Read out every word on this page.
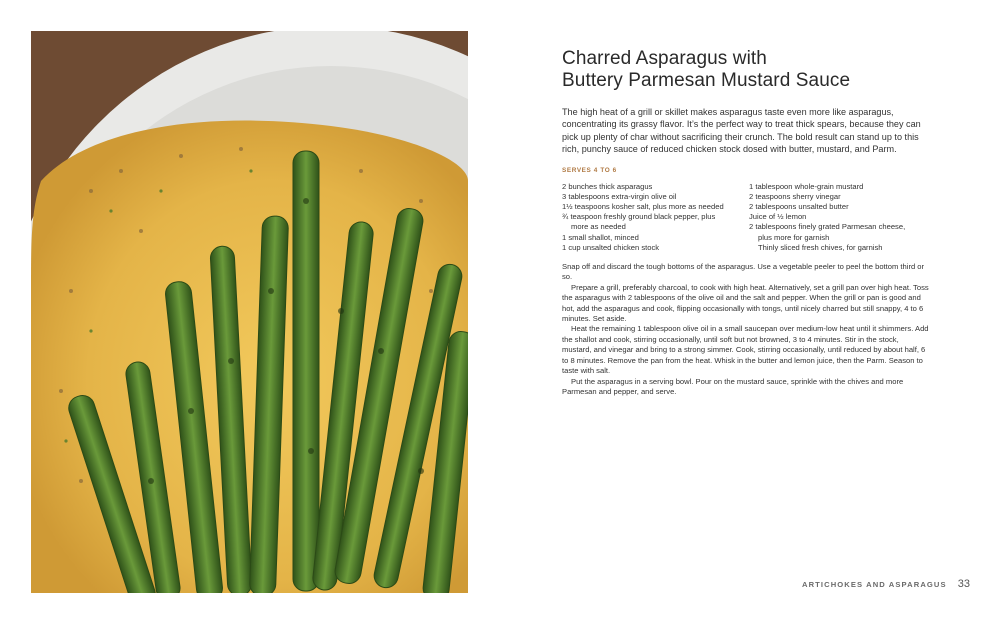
Charred Asparagus with
Buttery Parmesan Mustard Sauce

The high heat of a grill or skillet makes asparagus taste even more like asparagus, concentrating its grassy flavor. It’s the perfect way to treat thick spears, because they can pick up plenty of char without sacrificing their crunch. The bold result can stand up to this rich, punchy sauce of reduced chicken stock dosed with butter, mustard, and Parm.

SERVES 4 TO 6
2 bunches thick asparagus
3 tablespoons extra-virgin olive oil
1½ teaspoons kosher salt, plus more as needed
¾ teaspoon freshly ground black pepper, plus
more as needed
1 small shallot, minced
1 cup unsalted chicken stock
1 tablespoon whole-grain mustard
2 teaspoons sherry vinegar
2 tablespoons unsalted butter
Juice of ½ lemon
2 tablespoons finely grated Parmesan cheese,
plus more for garnish
Thinly sliced fresh chives, for garnish

Snap off and discard the tough bottoms of the asparagus. Use a vegetable peeler to peel the bottom third or so.

Prepare a grill, preferably charcoal, to cook with high heat. Alternatively, set a grill pan over high heat. Toss the asparagus with 2 tablespoons of the olive oil and the salt and pepper. When the grill or pan is good and hot, add the asparagus and cook, flipping occasionally with tongs, until nicely charred but still snappy, 4 to 6 minutes. Set aside.

Heat the remaining 1 tablespoon olive oil in a small saucepan over medium-low heat until it shimmers. Add the shallot and cook, stirring occasionally, until soft but not browned, 3 to 4 minutes. Stir in the stock, mustard, and vinegar and bring to a strong simmer. Cook, stirring occasionally, until reduced by about half, 6 to 8 minutes. Remove the pan from the heat. Whisk in the butter and lemon juice, then the Parm. Season to taste with salt.

Put the asparagus in a serving bowl. Pour on the mustard sauce, sprinkle with the chives and more Parmesan and pepper, and serve.

ARTICHOKES AND ASPARAGUS 33
